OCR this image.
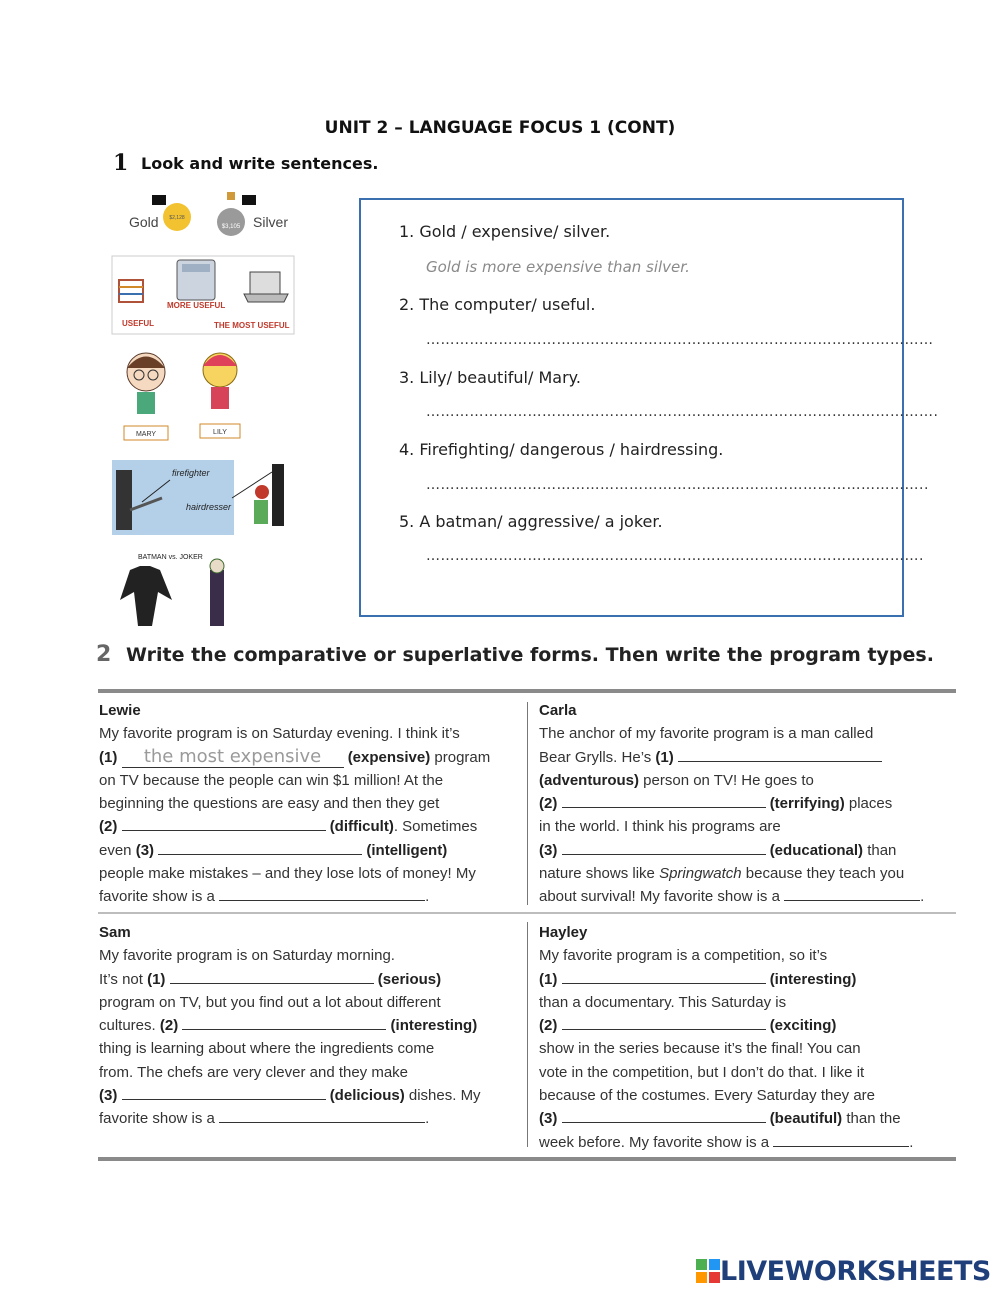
UNIT 2 – LANGUAGE FOCUS 1 (CONT)
1 Look and write sentences.
$2,128
Gold	$3,105 Silver
MORE USEFUL
USEFUL	THE MOST USEFUL
MARY	LILY
firefighter
hairdresser
BATMAN vs. JOKER
1. Gold / expensive/ silver.
Gold is more expensive than silver.
2. The computer/ useful.
……………………………………………………………………………………………
3. Lily/ beautiful/ Mary.
…………………………………………………………………………………………….
4. Firefighting/ dangerous / hairdressing.
…………………………………………………………………………………………..
5. A batman/ aggressive/ a joker.
………………………………………………………………………………………….
2 Write the comparative or superlative forms. Then write the program types.
Lewie
My favorite program is on Saturday evening. I think it’s
(1) the most expensive (expensive) program
on TV because the people can win $1 million! At the
beginning the questions are easy and then they get
(2)	(difficult). Sometimes
even (3)	(intelligent)
people make mistakes – and they lose lots of money! My
favorite show is a	.
Carla
The anchor of my favorite program is a man called
Bear Grylls. He’s (1)
(adventurous) person on TV! He goes to
(2)	(terrifying) places
in the world. I think his programs are
(3)	(educational) than
nature shows like Springwatch because they teach you
about survival! My favorite show is a	.
Sam
My favorite program is on Saturday morning.
It’s not (1)	(serious)
program on TV, but you find out a lot about different
cultures. (2)	(interesting)
thing is learning about where the ingredients come
from. The chefs are very clever and they make
(3)	(delicious) dishes. My
favorite show is a	.
Hayley
My favorite program is a competition, so it’s
(1)	(interesting)
than a documentary. This Saturday is
(2)	(exciting)
show in the series because it’s the final! You can
vote in the competition, but I don’t do that. I like it
because of the costumes. Every Saturday they are
(3)	(beautiful) than the
week before. My favorite show is a	.
LIVEWORKSHEETS
